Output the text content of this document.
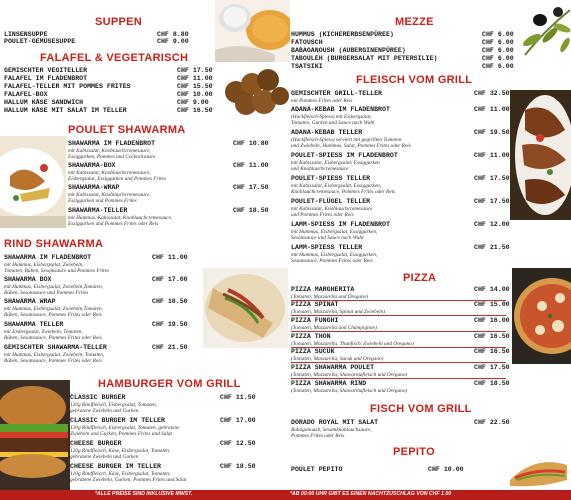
SUPPEN
LINSENSUPPE	CHF 8.80
POULET-GEMÜSESUPPE	CHF 9.00
FALAFEL & VEGETARISCH
GEMISCHTER VEGITELLER	CHF 17.50
FALAFEL IM FLADENBROT	CHF 11.00
FALAFEL-TELLER MIT POMMES FRITES	CHF 15.50
FALAFEL-BOX	CHF 10.00
HALLUM KÄSE SANDWICH	CHF 9.00
HALLUM KÄSE MIT SALAT IM TELLER	CHF 16.50
POULET SHAWARMA
SHAWARMA IM FLADENBROT	CHF 10.80
mit Kabissalat, Knoblauchcremesauce,
Essiggurken, Pommes und Cocktailsauce
SHAWARMA-BOX	CHF 11.00
mit Kabissalat, Knoblauchcremesauce,
Eisbergsalat, Essiggurken und Pommes Frites
SHAWARMA-WRAP	CHF 17.50
mit Kabissalat, Knoblauchcremesauce,
Essiggurken und Pommes Frites
SHAWARMA-TELLER	CHF 18.50
mit Hummus, Kabissalat, Knoblauchcremesauce,
Essiggurken und Pommes Frites oder Reis
RIND SHAWARMA
SHAWARMA IM FLADENBROT	CHF 11.00
mit Hummus, Eisbergsalat, Zwiebeln,
Tomaten, Rüben, Sesamsauce und Pommes Frites
SHAWARMA BOX	CHF 17.00
mit Hummus, Eisbergsalat, Zwiebeln,Tomaten,
Rüben, Sesamsauce und Pommes Frites
SHAWARMA WRAP	CHF 18.50
mit Hummus, Eisbergsalat, Zwiebeln,Tomaten,
Rüben, Sesamsauce, Pommes Frites oder Reis
SHAWARMA TELLER	CHF 19.50
mit Eisbergsalat, Zwiebeln, Tomaten,
Rüben, Sesamsauce, Pommes Frites oder Reis
GEMISCHTER SHAWARMA-TELLER	CHF 21.50
mit Hummus, Eisbergsalat, Zwiebeln, Tomaten,
Rüben, Sesamsauce, Pommes Frites oder Reis
HAMBURGER VOM GRILL
CLASSIC BURGER	CHF 11.50
120g Rindfleisch, Eisbergsalat, Tomaten,
gebratene Zwiebeln und Gurken
CLASSIC BURGER IM TELLER	CHF 17.00
120g Rindfleisch, Eisbergsalat, Tomaten, gebratene
Zwiebeln und Gurken, Pommes Frites und Salat
CHEESE BURGER	CHF 12.50
120g Rindfleisch, Käse, Eisbergsalat, Tomaten,
gebratene Zwiebeln und Gurken
CHEESE BURGER IM TELLER	CHF 18.50
120g Rindfleisch, Käse, Eisbergsalat, Tomaten,
gebratene Zwiebeln, Gurken, Pommes Frites und Salat
MEZZE
HUMMUS (KICHERERBSENPÜREE)	CHF 6.00
FATOUSCH	CHF 6.00
BABAGANOUSH (AUBERGINENPÜREE)	CHF 6.00
TABOULEH (BURGERSALAT MIT PETERSILIE)	CHF 6.00
TSATSIKI	CHF 6.00
FLEISCH VOM GRILL
GEMISCHTER GRILL-TELLER	CHF 32.50
mit Pommes Frites oder Reis
ADANA-KEBAB IM FLADENBROT	CHF 11.00
(Hackfleisch-Spiess) mit Eisbergsalat,
Tomaten, Gurken und Sauce nach Wahl
ADANA-KEBAB TELLER	CHF 19.50
(Hackfleisch-Spiess) serviert mit gegrillten Tomaten
und Zwiebeln, Hummus, Salat, Pommes Frites oder Reis
POULET-SPIESS IM FLADENBROT	CHF 11.00
mit Kabissalat, Eisbergsalat, Essiggurken
und Knoblauchcremesauce
POULET-SPIESS TELLER	CHF 17.50
mit Kabissalat, Eisbergsalat, Essiggurken,
Knoblauchcremesauce, Pommes Frites oder Reis
POULET-FLÜGEL TELLER	CHF 17.50
mit Kabissalat, Knoblauchcremesauce
und Pommes Frites oder Reis
LAMM-SPIESS IM FLADENBROT	CHF 12.00
mit Hummus, Eisbergsalat, Essiggurken,
Sesamsauce und Sauce nach Wahl
LAMM-SPIESS TELLER	CHF 21.50
mit Hummus, Eisbergsalat, Essiggurken,
Sesamsauce, Pommes Frites oder Reis
PIZZA
PIZZA MARGHERITA	CHF 14.00
(Tomaten, Mozzarella und Oregano)
PIZZA SPINAT	CHF 15.00
(Tomaten, Mozzarella, Spinat und Zwiebeln)
PIZZA FUNGHI	CHF 16.00
(Tomaten, Mozzarella und Champignon)
PIZZA THON	CHF 16.50
(Tomaten, Mozzarella, Thunfisch, Zwiebeln und Oregano)
PIZZA SUCUK	CHF 16.50
(Tomaten, Mozzarella, Sucuk und Oregano)
PIZZA SHAWARMA POULET	CHF 17.50
(Tomaten, Mozzarella, Shawarmafleisch und Oregano)
PIZZA SHAWARMA RIND	CHF 18.50
(Tomaten, Mozzarella, Shawarmafleisch und Oregano)
FISCH VOM GRILL
DORADO ROYAL MIT SALAT	CHF 22.50
Babaganoush, Sesamknoblauchsauce,
Pommes Frites oder Reis
PEPITO
POULET PEPITO	CHF 10.00
*ALLE PREISE SIND INKLUSIVE MWST.	*AB 00:00 UHR GIBT ES EINEN NACHTZUSCHLAG VON CHF 1.00
